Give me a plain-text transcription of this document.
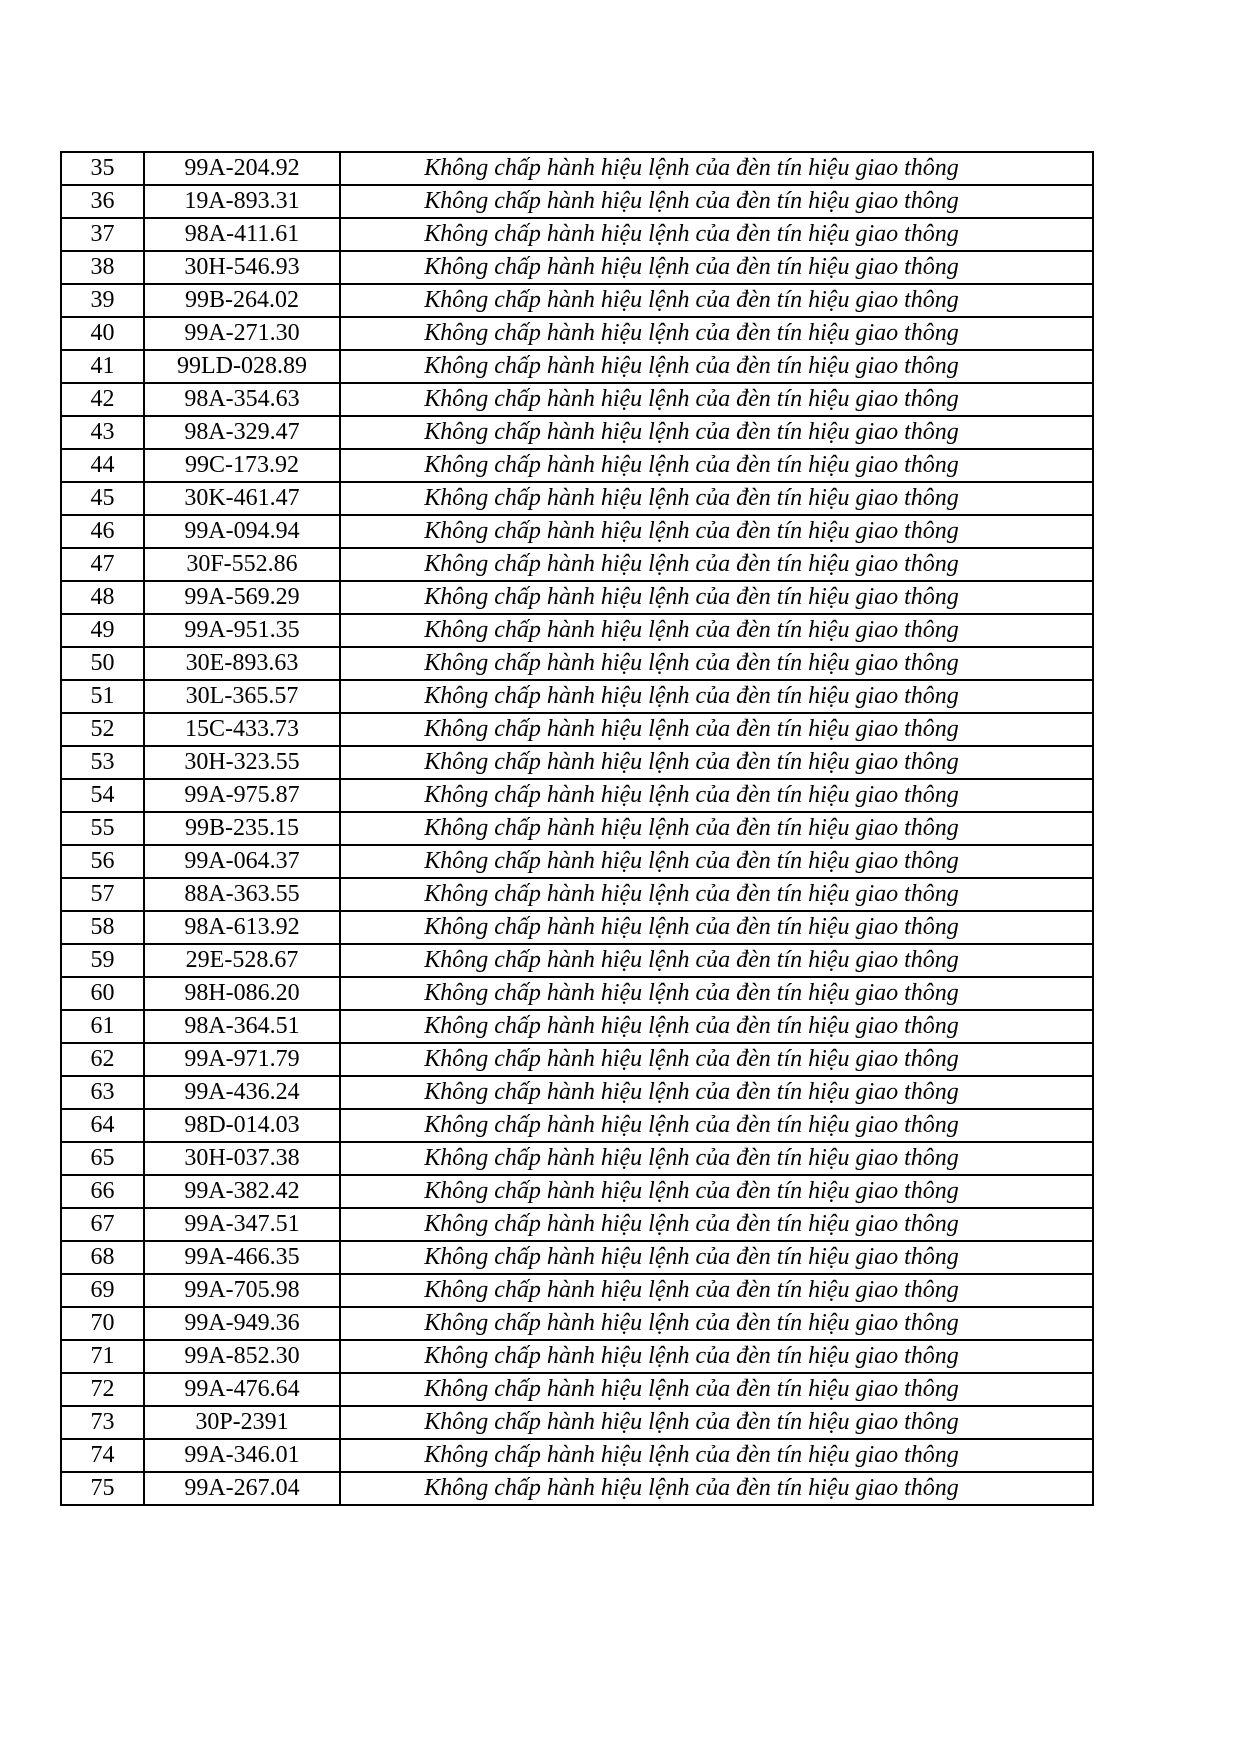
35	99A-204.92	Không chấp hành hiệu lệnh của đèn tín hiệu giao thông
36	19A-893.31	Không chấp hành hiệu lệnh của đèn tín hiệu giao thông
37	98A-411.61	Không chấp hành hiệu lệnh của đèn tín hiệu giao thông
38	30H-546.93	Không chấp hành hiệu lệnh của đèn tín hiệu giao thông
39	99B-264.02	Không chấp hành hiệu lệnh của đèn tín hiệu giao thông
40	99A-271.30	Không chấp hành hiệu lệnh của đèn tín hiệu giao thông
41	99LD-028.89	Không chấp hành hiệu lệnh của đèn tín hiệu giao thông
42	98A-354.63	Không chấp hành hiệu lệnh của đèn tín hiệu giao thông
43	98A-329.47	Không chấp hành hiệu lệnh của đèn tín hiệu giao thông
44	99C-173.92	Không chấp hành hiệu lệnh của đèn tín hiệu giao thông
45	30K-461.47	Không chấp hành hiệu lệnh của đèn tín hiệu giao thông
46	99A-094.94	Không chấp hành hiệu lệnh của đèn tín hiệu giao thông
47	30F-552.86	Không chấp hành hiệu lệnh của đèn tín hiệu giao thông
48	99A-569.29	Không chấp hành hiệu lệnh của đèn tín hiệu giao thông
49	99A-951.35	Không chấp hành hiệu lệnh của đèn tín hiệu giao thông
50	30E-893.63	Không chấp hành hiệu lệnh của đèn tín hiệu giao thông
51	30L-365.57	Không chấp hành hiệu lệnh của đèn tín hiệu giao thông
52	15C-433.73	Không chấp hành hiệu lệnh của đèn tín hiệu giao thông
53	30H-323.55	Không chấp hành hiệu lệnh của đèn tín hiệu giao thông
54	99A-975.87	Không chấp hành hiệu lệnh của đèn tín hiệu giao thông
55	99B-235.15	Không chấp hành hiệu lệnh của đèn tín hiệu giao thông
56	99A-064.37	Không chấp hành hiệu lệnh của đèn tín hiệu giao thông
57	88A-363.55	Không chấp hành hiệu lệnh của đèn tín hiệu giao thông
58	98A-613.92	Không chấp hành hiệu lệnh của đèn tín hiệu giao thông
59	29E-528.67	Không chấp hành hiệu lệnh của đèn tín hiệu giao thông
60	98H-086.20	Không chấp hành hiệu lệnh của đèn tín hiệu giao thông
61	98A-364.51	Không chấp hành hiệu lệnh của đèn tín hiệu giao thông
62	99A-971.79	Không chấp hành hiệu lệnh của đèn tín hiệu giao thông
63	99A-436.24	Không chấp hành hiệu lệnh của đèn tín hiệu giao thông
64	98D-014.03	Không chấp hành hiệu lệnh của đèn tín hiệu giao thông
65	30H-037.38	Không chấp hành hiệu lệnh của đèn tín hiệu giao thông
66	99A-382.42	Không chấp hành hiệu lệnh của đèn tín hiệu giao thông
67	99A-347.51	Không chấp hành hiệu lệnh của đèn tín hiệu giao thông
68	99A-466.35	Không chấp hành hiệu lệnh của đèn tín hiệu giao thông
69	99A-705.98	Không chấp hành hiệu lệnh của đèn tín hiệu giao thông
70	99A-949.36	Không chấp hành hiệu lệnh của đèn tín hiệu giao thông
71	99A-852.30	Không chấp hành hiệu lệnh của đèn tín hiệu giao thông
72	99A-476.64	Không chấp hành hiệu lệnh của đèn tín hiệu giao thông
73	30P-2391	Không chấp hành hiệu lệnh của đèn tín hiệu giao thông
74	99A-346.01	Không chấp hành hiệu lệnh của đèn tín hiệu giao thông
75	99A-267.04	Không chấp hành hiệu lệnh của đèn tín hiệu giao thông
